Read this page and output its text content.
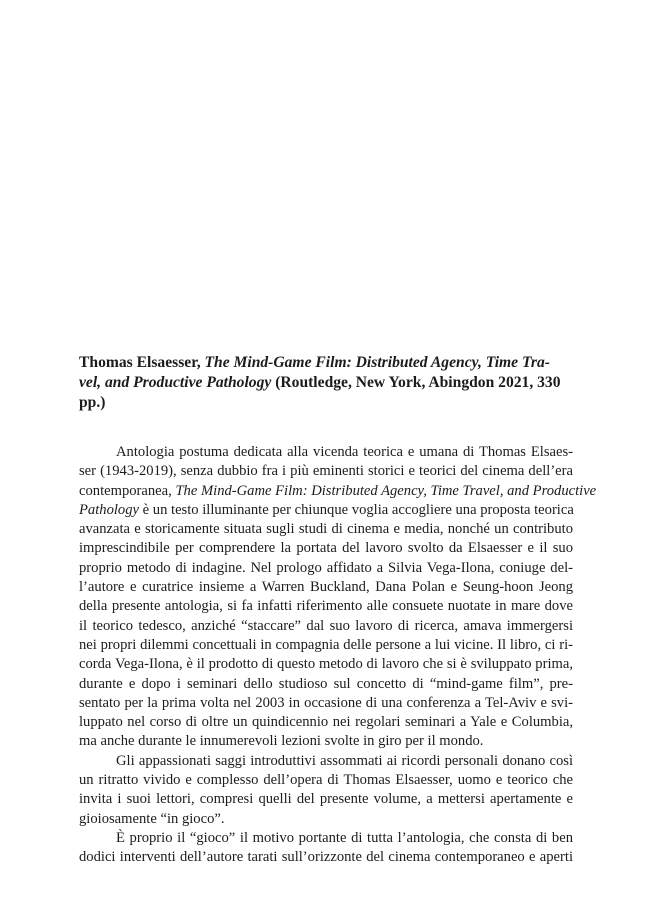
Thomas Elsaesser, The Mind-Game Film: Distributed Agency, Time Tra-
vel, and Productive Pathology (Routledge, New York, Abingdon 2021, 330
pp.)

Antologia postuma dedicata alla vicenda teorica e umana di Thomas Elsaes-
ser (1943-2019), senza dubbio fra i più eminenti storici e teorici del cinema dell’era
contemporanea, The Mind-Game Film: Distributed Agency, Time Travel, and Productive
Pathology è un testo illuminante per chiunque voglia accogliere una proposta teorica
avanzata e storicamente situata sugli studi di cinema e media, nonché un contributo
imprescindibile per comprendere la portata del lavoro svolto da Elsaesser e il suo
proprio metodo di indagine. Nel prologo affidato a Silvia Vega-Ilona, coniuge del-
l’autore e curatrice insieme a Warren Buckland, Dana Polan e Seung-hoon Jeong
della presente antologia, si fa infatti riferimento alle consuete nuotate in mare dove
il teorico tedesco, anziché “staccare” dal suo lavoro di ricerca, amava immergersi
nei propri dilemmi concettuali in compagnia delle persone a lui vicine. Il libro, ci ri-
corda Vega-Ilona, è il prodotto di questo metodo di lavoro che si è sviluppato prima,
durante e dopo i seminari dello studioso sul concetto di “mind-game film”, pre-
sentato per la prima volta nel 2003 in occasione di una conferenza a Tel-Aviv e svi-
luppato nel corso di oltre un quindicennio nei regolari seminari a Yale e Columbia,
ma anche durante le innumerevoli lezioni svolte in giro per il mondo.
Gli appassionati saggi introduttivi assommati ai ricordi personali donano così
un ritratto vivido e complesso dell’opera di Thomas Elsaesser, uomo e teorico che
invita i suoi lettori, compresi quelli del presente volume, a mettersi apertamente e
gioiosamente “in gioco”.
È proprio il “gioco” il motivo portante di tutta l’antologia, che consta di ben
dodici interventi dell’autore tarati sull’orizzonte del cinema contemporaneo e aperti
